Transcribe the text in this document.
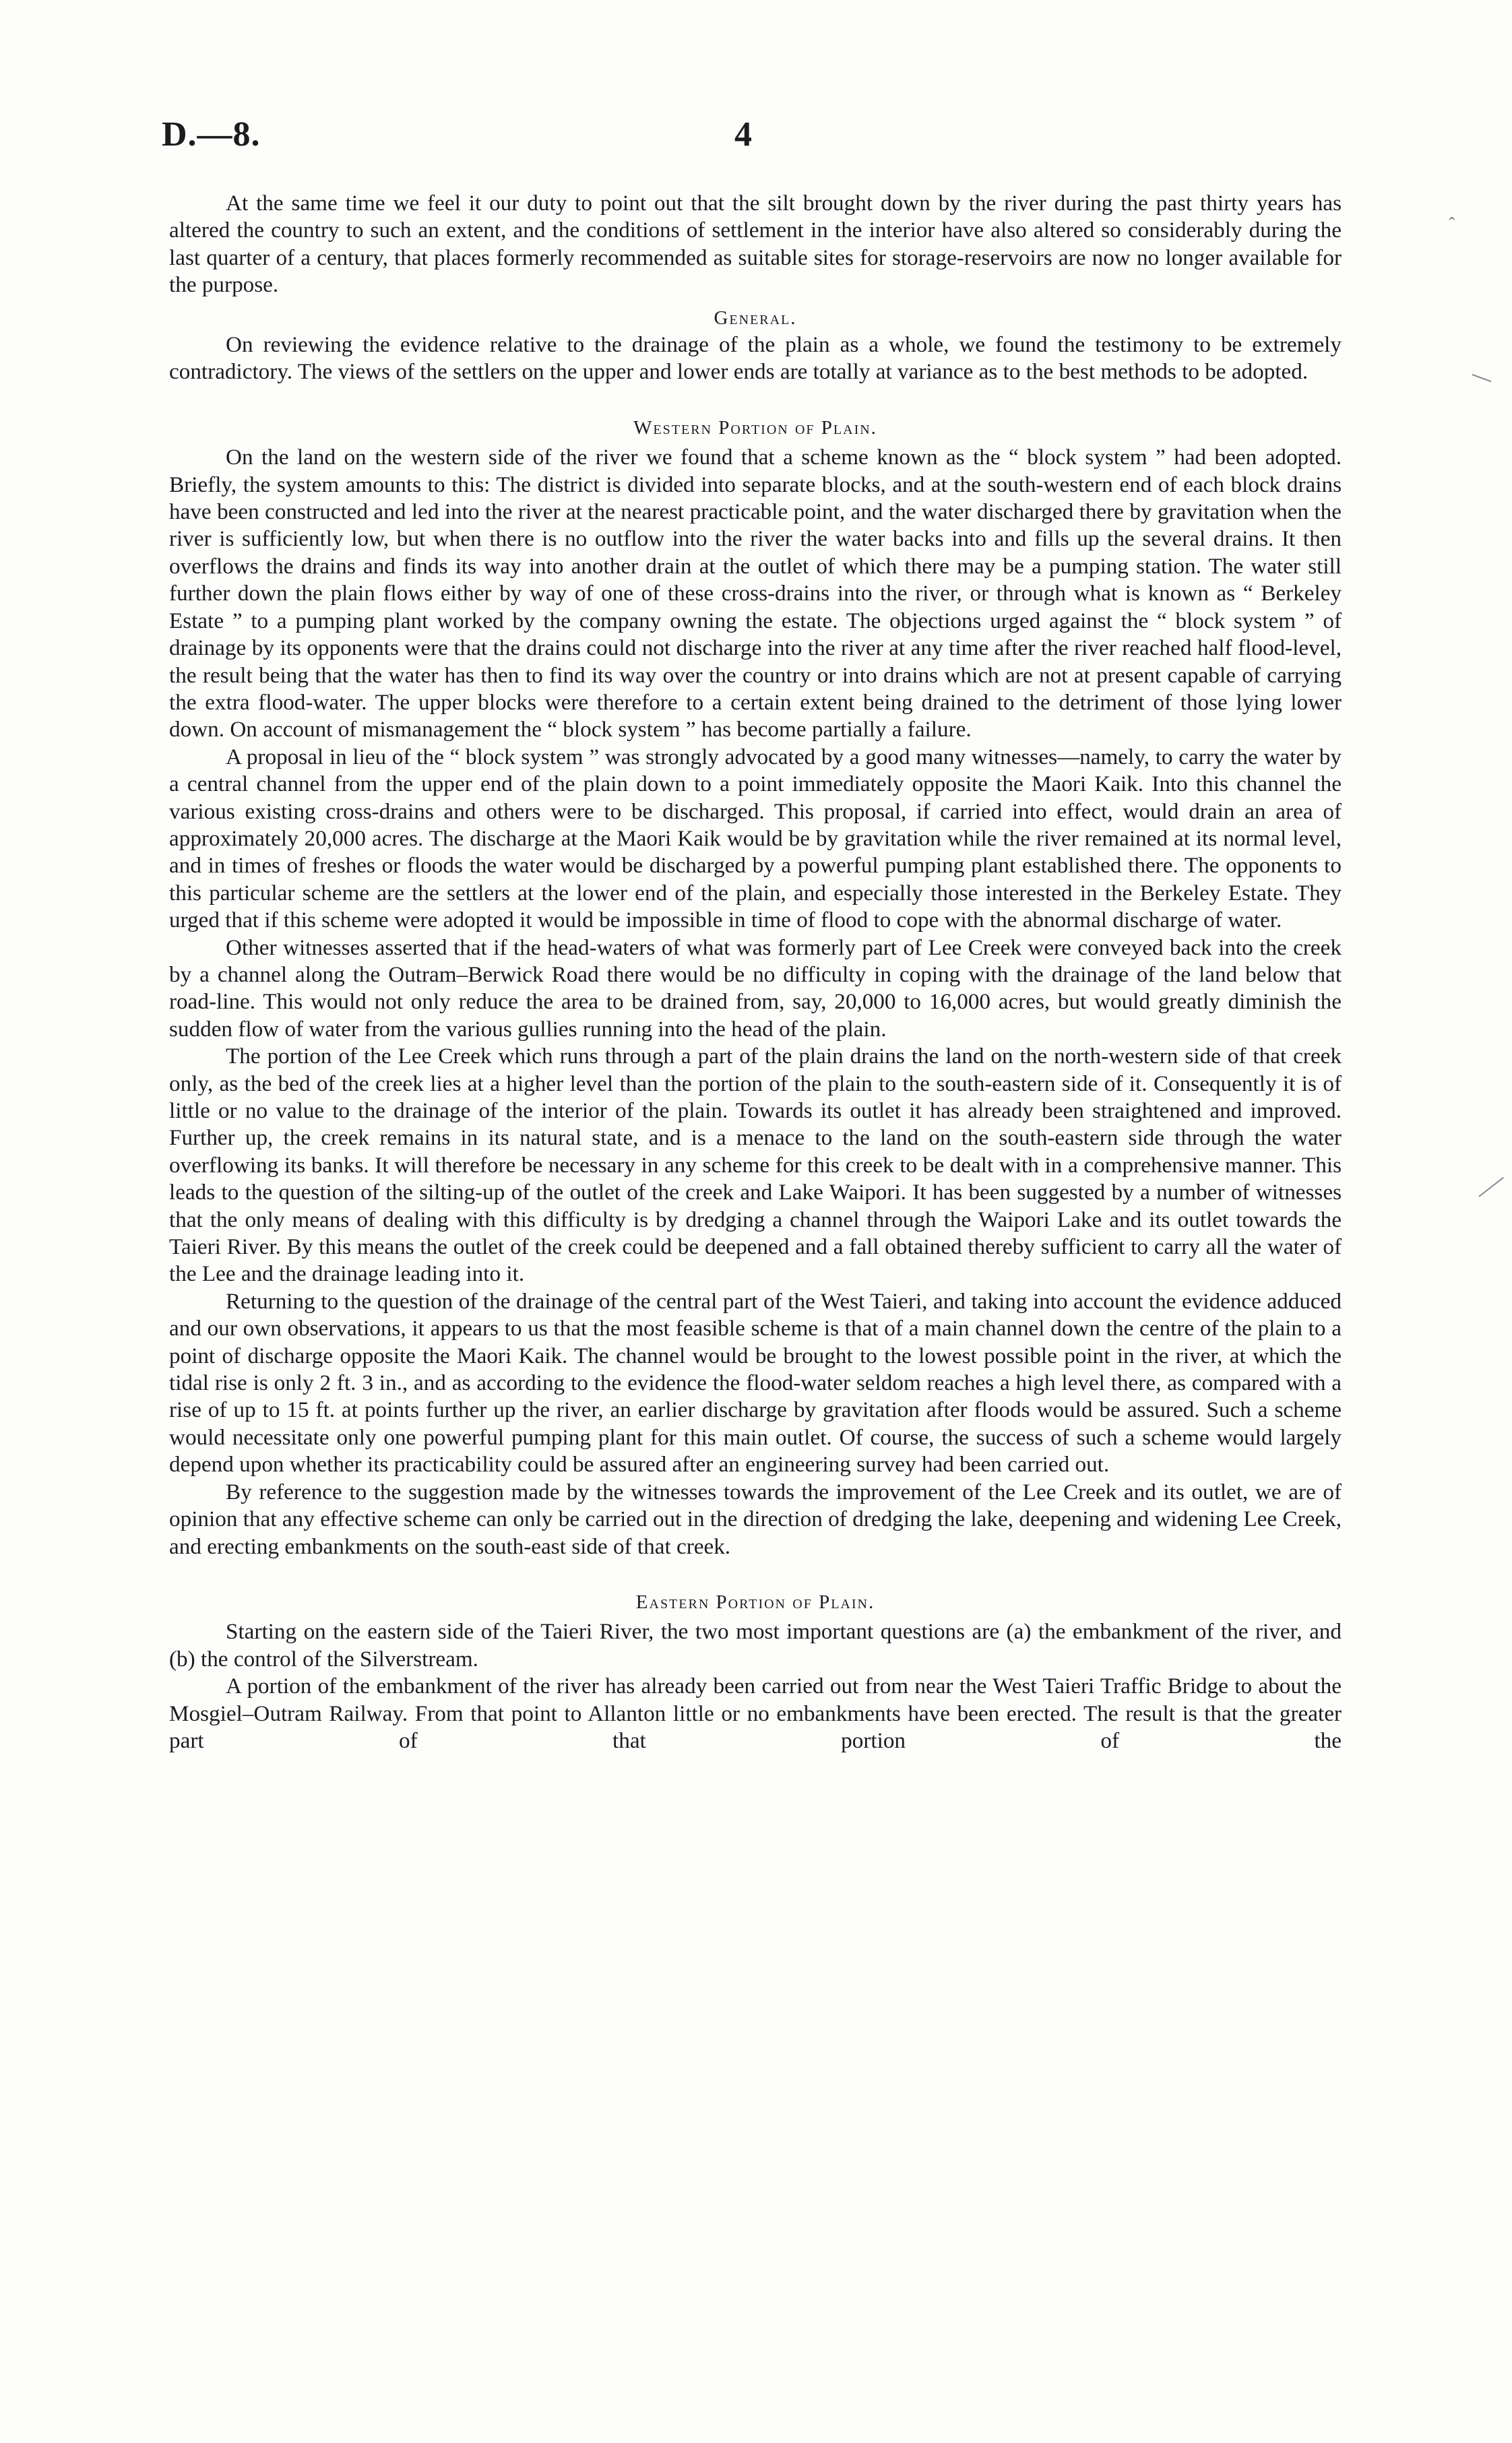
D.—8.	4
ˆ

At the same time we feel it our duty to point out that the silt brought down by the river during the past thirty years has altered the country to such an extent, and the conditions of settlement in the interior have also altered so considerably during the last quarter of a century, that places formerly recommended as suitable sites for storage-reservoirs are now no longer available for the purpose.

General.

On reviewing the evidence relative to the drainage of the plain as a whole, we found the testimony to be extremely contradictory. The views of the settlers on the upper and lower ends are totally at variance as to the best methods to be adopted.

Western Portion of Plain.

On the land on the western side of the river we found that a scheme known as the “ block system ” had been adopted. Briefly, the system amounts to this: The district is divided into separate blocks, and at the south-western end of each block drains have been constructed and led into the river at the nearest practicable point, and the water discharged there by gravitation when the river is sufficiently low, but when there is no outflow into the river the water backs into and fills up the several drains. It then overflows the drains and finds its way into another drain at the outlet of which there may be a pumping station. The water still further down the plain flows either by way of one of these cross-drains into the river, or through what is known as “ Berkeley Estate ” to a pumping plant worked by the company owning the estate. The objections urged against the “ block system ” of drainage by its opponents were that the drains could not discharge into the river at any time after the river reached half flood-level, the result being that the water has then to find its way over the country or into drains which are not at present capable of carrying the extra flood-water. The upper blocks were therefore to a certain extent being drained to the detriment of those lying lower down. On account of mismanagement the “ block system ” has become partially a failure.

A proposal in lieu of the “ block system ” was strongly advocated by a good many witnesses—namely, to carry the water by a central channel from the upper end of the plain down to a point immediately opposite the Maori Kaik. Into this channel the various existing cross-drains and others were to be discharged. This proposal, if carried into effect, would drain an area of approximately 20,000 acres. The discharge at the Maori Kaik would be by gravitation while the river remained at its normal level, and in times of freshes or floods the water would be discharged by a powerful pumping plant established there. The opponents to this particular scheme are the settlers at the lower end of the plain, and especially those interested in the Berkeley Estate. They urged that if this scheme were adopted it would be impossible in time of flood to cope with the abnormal discharge of water.

Other witnesses asserted that if the head-waters of what was formerly part of Lee Creek were conveyed back into the creek by a channel along the Outram–Berwick Road there would be no difficulty in coping with the drainage of the land below that road-line. This would not only reduce the area to be drained from, say, 20,000 to 16,000 acres, but would greatly diminish the sudden flow of water from the various gullies running into the head of the plain.

The portion of the Lee Creek which runs through a part of the plain drains the land on the north-western side of that creek only, as the bed of the creek lies at a higher level than the portion of the plain to the south-eastern side of it. Consequently it is of little or no value to the drainage of the interior of the plain. Towards its outlet it has already been straightened and improved. Further up, the creek remains in its natural state, and is a menace to the land on the south-eastern side through the water overflowing its banks. It will therefore be necessary in any scheme for this creek to be dealt with in a comprehensive manner. This leads to the question of the silting-up of the outlet of the creek and Lake Waipori. It has been suggested by a number of witnesses that the only means of dealing with this difficulty is by dredging a channel through the Waipori Lake and its outlet towards the Taieri River. By this means the outlet of the creek could be deepened and a fall obtained thereby sufficient to carry all the water of the Lee and the drainage leading into it.

Returning to the question of the drainage of the central part of the West Taieri, and taking into account the evidence adduced and our own observations, it appears to us that the most feasible scheme is that of a main channel down the centre of the plain to a point of discharge opposite the Maori Kaik. The channel would be brought to the lowest possible point in the river, at which the tidal rise is only 2 ft. 3 in., and as according to the evidence the flood-water seldom reaches a high level there, as compared with a rise of up to 15 ft. at points further up the river, an earlier discharge by gravitation after floods would be assured. Such a scheme would necessitate only one powerful pumping plant for this main outlet. Of course, the success of such a scheme would largely depend upon whether its practicability could be assured after an engineering survey had been carried out.

By reference to the suggestion made by the witnesses towards the improvement of the Lee Creek and its outlet, we are of opinion that any effective scheme can only be carried out in the direction of dredging the lake, deepening and widening Lee Creek, and erecting embankments on the south-east side of that creek.

Eastern Portion of Plain.

Starting on the eastern side of the Taieri River, the two most important questions are (a) the embankment of the river, and (b) the control of the Silverstream.

A portion of the embankment of the river has already been carried out from near the West Taieri Traffic Bridge to about the Mosgiel–Outram Railway. From that point to Allanton little or no embankments have been erected. The result is that the greater part of that portion of the
